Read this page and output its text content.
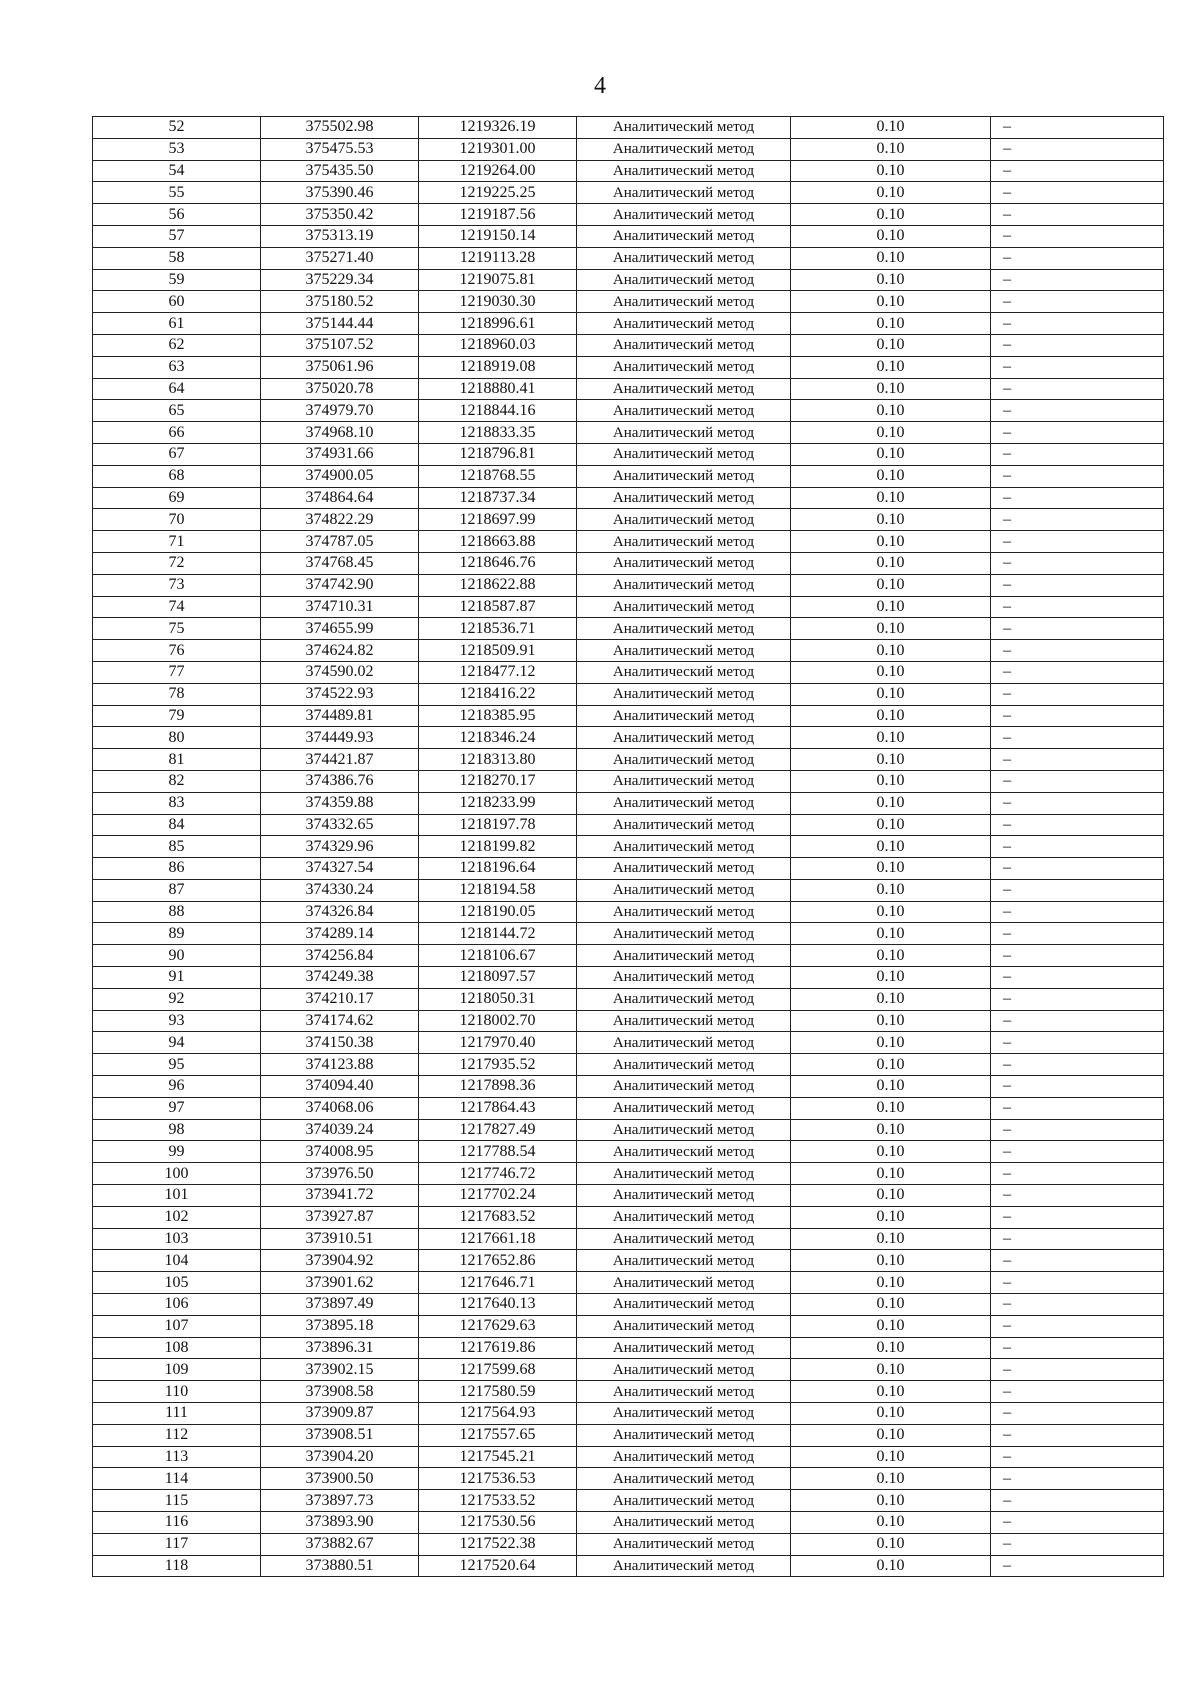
4
52	375502.98	1219326.19	Аналитический метод	0.10	–
53	375475.53	1219301.00	Аналитический метод	0.10	–
54	375435.50	1219264.00	Аналитический метод	0.10	–
55	375390.46	1219225.25	Аналитический метод	0.10	–
56	375350.42	1219187.56	Аналитический метод	0.10	–
57	375313.19	1219150.14	Аналитический метод	0.10	–
58	375271.40	1219113.28	Аналитический метод	0.10	–
59	375229.34	1219075.81	Аналитический метод	0.10	–
60	375180.52	1219030.30	Аналитический метод	0.10	–
61	375144.44	1218996.61	Аналитический метод	0.10	–
62	375107.52	1218960.03	Аналитический метод	0.10	–
63	375061.96	1218919.08	Аналитический метод	0.10	–
64	375020.78	1218880.41	Аналитический метод	0.10	–
65	374979.70	1218844.16	Аналитический метод	0.10	–
66	374968.10	1218833.35	Аналитический метод	0.10	–
67	374931.66	1218796.81	Аналитический метод	0.10	–
68	374900.05	1218768.55	Аналитический метод	0.10	–
69	374864.64	1218737.34	Аналитический метод	0.10	–
70	374822.29	1218697.99	Аналитический метод	0.10	–
71	374787.05	1218663.88	Аналитический метод	0.10	–
72	374768.45	1218646.76	Аналитический метод	0.10	–
73	374742.90	1218622.88	Аналитический метод	0.10	–
74	374710.31	1218587.87	Аналитический метод	0.10	–
75	374655.99	1218536.71	Аналитический метод	0.10	–
76	374624.82	1218509.91	Аналитический метод	0.10	–
77	374590.02	1218477.12	Аналитический метод	0.10	–
78	374522.93	1218416.22	Аналитический метод	0.10	–
79	374489.81	1218385.95	Аналитический метод	0.10	–
80	374449.93	1218346.24	Аналитический метод	0.10	–
81	374421.87	1218313.80	Аналитический метод	0.10	–
82	374386.76	1218270.17	Аналитический метод	0.10	–
83	374359.88	1218233.99	Аналитический метод	0.10	–
84	374332.65	1218197.78	Аналитический метод	0.10	–
85	374329.96	1218199.82	Аналитический метод	0.10	–
86	374327.54	1218196.64	Аналитический метод	0.10	–
87	374330.24	1218194.58	Аналитический метод	0.10	–
88	374326.84	1218190.05	Аналитический метод	0.10	–
89	374289.14	1218144.72	Аналитический метод	0.10	–
90	374256.84	1218106.67	Аналитический метод	0.10	–
91	374249.38	1218097.57	Аналитический метод	0.10	–
92	374210.17	1218050.31	Аналитический метод	0.10	–
93	374174.62	1218002.70	Аналитический метод	0.10	–
94	374150.38	1217970.40	Аналитический метод	0.10	–
95	374123.88	1217935.52	Аналитический метод	0.10	–
96	374094.40	1217898.36	Аналитический метод	0.10	–
97	374068.06	1217864.43	Аналитический метод	0.10	–
98	374039.24	1217827.49	Аналитический метод	0.10	–
99	374008.95	1217788.54	Аналитический метод	0.10	–
100	373976.50	1217746.72	Аналитический метод	0.10	–
101	373941.72	1217702.24	Аналитический метод	0.10	–
102	373927.87	1217683.52	Аналитический метод	0.10	–
103	373910.51	1217661.18	Аналитический метод	0.10	–
104	373904.92	1217652.86	Аналитический метод	0.10	–
105	373901.62	1217646.71	Аналитический метод	0.10	–
106	373897.49	1217640.13	Аналитический метод	0.10	–
107	373895.18	1217629.63	Аналитический метод	0.10	–
108	373896.31	1217619.86	Аналитический метод	0.10	–
109	373902.15	1217599.68	Аналитический метод	0.10	–
110	373908.58	1217580.59	Аналитический метод	0.10	–
111	373909.87	1217564.93	Аналитический метод	0.10	–
112	373908.51	1217557.65	Аналитический метод	0.10	–
113	373904.20	1217545.21	Аналитический метод	0.10	–
114	373900.50	1217536.53	Аналитический метод	0.10	–
115	373897.73	1217533.52	Аналитический метод	0.10	–
116	373893.90	1217530.56	Аналитический метод	0.10	–
117	373882.67	1217522.38	Аналитический метод	0.10	–
118	373880.51	1217520.64	Аналитический метод	0.10	–
